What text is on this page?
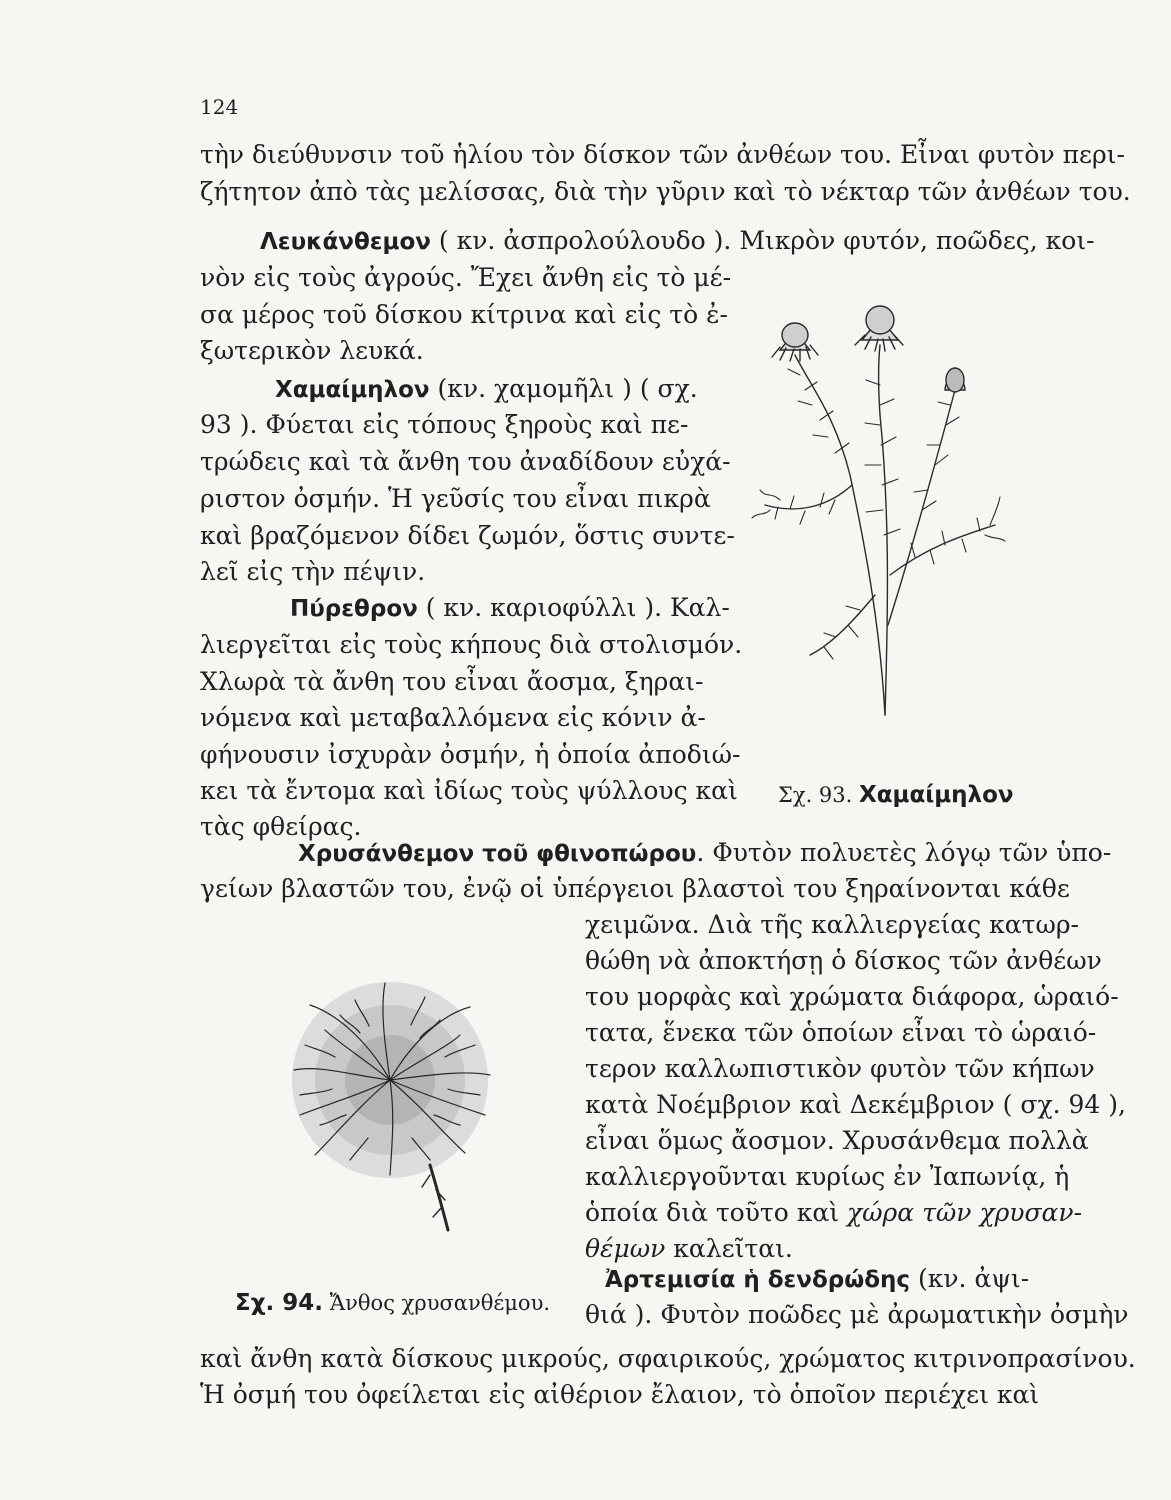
124
τὴν διεύθυνσιν τοῦ ἡλίου τὸν δίσκον τῶν ἀνθέων του. Εἶναι φυτὸν περι-
ζήτητον ἀπὸ τὰς μελίσσας, διὰ τὴν γῦριν καὶ τὸ νέκταρ τῶν ἀνθέων του.
Λευκάνθεμον ( κν. ἀσπρολούλουδο ). Μικρὸν φυτόν, ποῶδες, κοι-
νὸν εἰς τοὺς ἀγρούς. Ἔχει ἄνθη εἰς τὸ μέ-
σα μέρος τοῦ δίσκου κίτρινα καὶ εἰς τὸ ἐ-
ξωτερικὸν λευκά.
Χαμαίμηλον (κν. χαμομῆλι ) ( σχ.
93 ). Φύεται εἰς τόπους ξηροὺς καὶ πε-
τρώδεις καὶ τὰ ἄνθη του ἀναδίδουν εὐχά-
ριστον ὀσμήν. Ἡ γεῦσίς του εἶναι πικρὰ
καὶ βραζόμενον δίδει ζωμόν, ὅστις συντε-
λεῖ εἰς τὴν πέψιν.
Πύρεθρον ( κν. καριοφύλλι ). Καλ-
λιεργεῖται εἰς τοὺς κήπους διὰ στολισμόν.
Χλωρὰ τὰ ἄνθη του εἶναι ἄοσμα, ξηραι-
νόμενα καὶ μεταβαλλόμενα εἰς κόνιν ἀ-
φήνουσιν ἰσχυρὰν ὀσμήν, ἡ ὁποία ἀποδιώ-
κει τὰ ἔντομα καὶ ἰδίως τοὺς ψύλλους καὶ
τὰς φθείρας.
Σχ. 93. Χαμαίμηλον
Χρυσάνθεμον τοῦ φθινοπώρου. Φυτὸν πολυετὲς λόγῳ τῶν ὑπο-
γείων βλαστῶν του, ἐνῷ οἱ ὑπέργειοι βλαστοὶ του ξηραίνονται κάθε
χειμῶνα. Διὰ τῆς καλλιεργείας κατωρ-
θώθη νὰ ἀποκτήσῃ ὁ δίσκος τῶν ἀνθέων
του μορφὰς καὶ χρώματα διάφορα, ὡραιό-
τατα, ἕνεκα τῶν ὁποίων εἶναι τὸ ὡραιό-
τερον καλλωπιστικὸν φυτὸν τῶν κήπων
κατὰ Νοέμβριον καὶ Δεκέμβριον ( σχ. 94 ),
εἶναι ὅμως ἄοσμον. Χρυσάνθεμα πολλὰ
καλλιεργοῦνται κυρίως ἐν Ἰαπωνίᾳ, ἡ
ὁποία διὰ τοῦτο καὶ χώρα τῶν χρυσαν-
θέμων καλεῖται.
Σχ. 94. Ἄνθος χρυσανθέμου.
Ἀρτεμισία ἡ δενδρώδης (κν. ἀψι-
θιά ). Φυτὸν ποῶδες μὲ ἀρωματικὴν ὀσμὴν
καὶ ἄνθη κατὰ δίσκους μικρούς, σφαιρικούς, χρώματος κιτρινοπρασίνου.
Ἡ ὀσμή του ὀφείλεται εἰς αἰθέριον ἔλαιον, τὸ ὁποῖον περιέχει καὶ
